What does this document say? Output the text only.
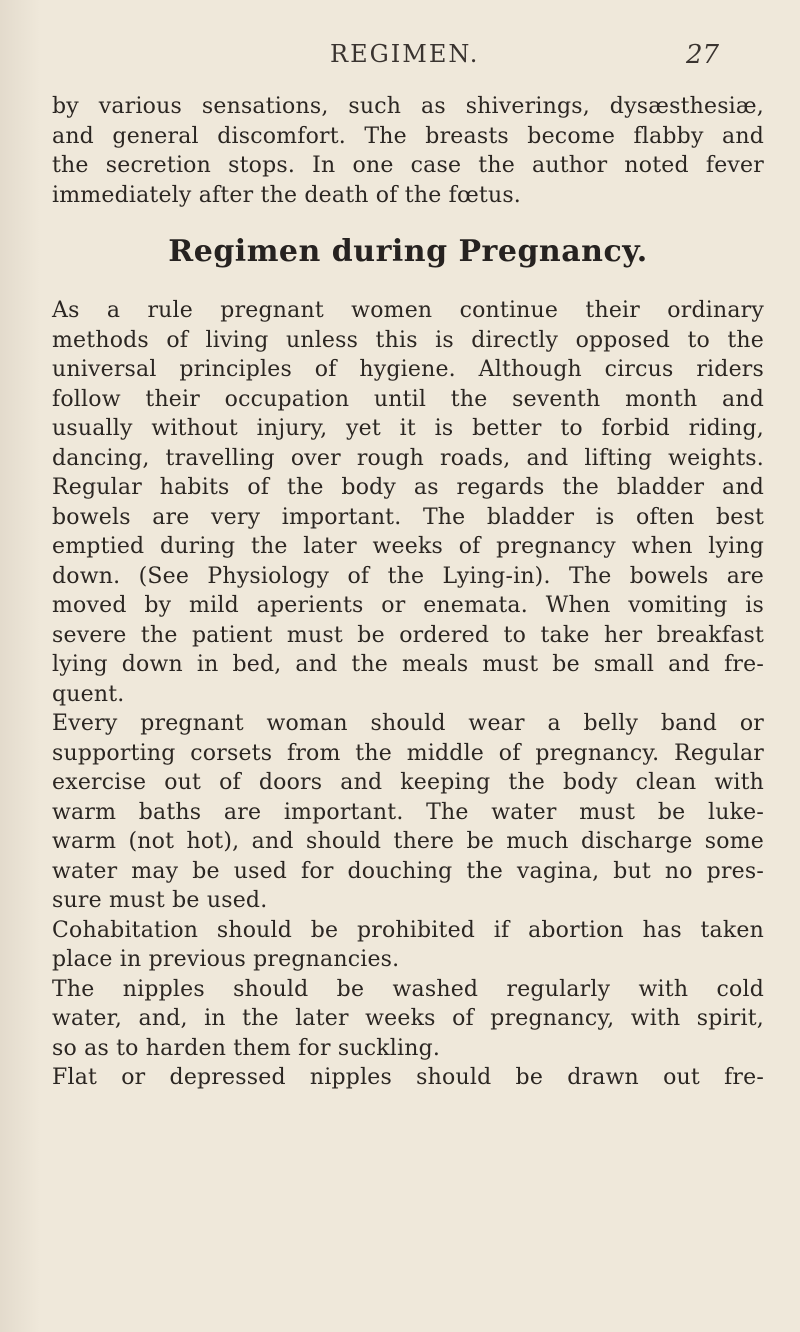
REGIMEN.	27
by various sensations, such as shiverings, dysæsthesiæ,
and general discomfort. The breasts become flabby and
the secretion stops. In one case the author noted fever
immediately after the death of the fœtus.
Regimen during Pregnancy.
As a rule pregnant women continue their ordinary
methods of living unless this is directly opposed to the
universal principles of hygiene. Although circus riders
follow their occupation until the seventh month and
usually without injury, yet it is better to forbid riding,
dancing, travelling over rough roads, and lifting weights.
Regular habits of the body as regards the bladder and
bowels are very important. The bladder is often best
emptied during the later weeks of pregnancy when lying
down. (See Physiology of the Lying-in). The bowels are
moved by mild aperients or enemata. When vomiting is
severe the patient must be ordered to take her breakfast
lying down in bed, and the meals must be small and fre-
quent.
Every pregnant woman should wear a belly band or
supporting corsets from the middle of pregnancy. Regular
exercise out of doors and keeping the body clean with
warm baths are important. The water must be luke-
warm (not hot), and should there be much discharge some
water may be used for douching the vagina, but no pres-
sure must be used.
Cohabitation should be prohibited if abortion has taken
place in previous pregnancies.
The nipples should be washed regularly with cold
water, and, in the later weeks of pregnancy, with spirit,
so as to harden them for suckling.
Flat or depressed nipples should be drawn out fre-
